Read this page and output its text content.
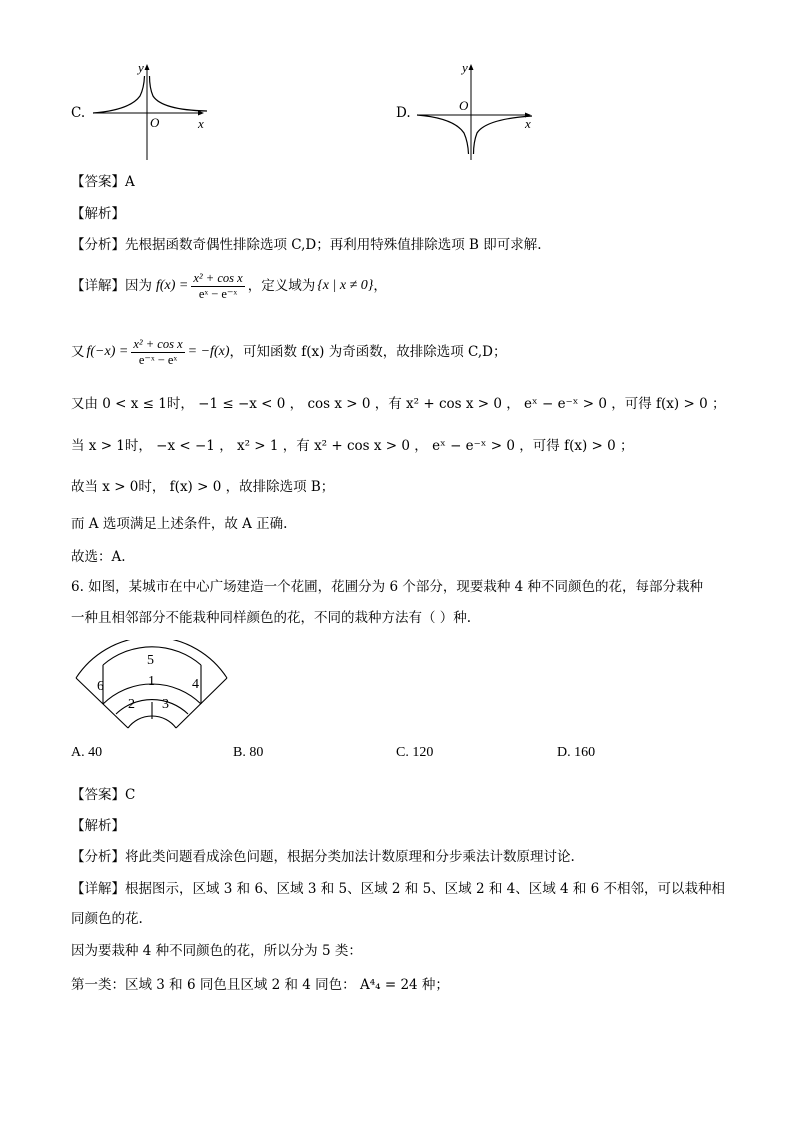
C.
x
y
O
D.
x
y
O
【答案】A
【解析】
【分析】先根据函数奇偶性排除选项 C,D；再利用特殊值排除选项 B 即可求解.
【详解】因为 $f(x) = \frac{\text{x² + cos x}}{\text{eˣ − e⁻ˣ}}$ ，定义域为 {x | x ≠ 0} ，
又 $f(-x) = \frac{\text{x² + cos x}}{\text{e⁻ˣ − eˣ}} = -f(x)$ ，可知函数 f(x) 为奇函数，故排除选项 C,D；
又由 0 < x ≤ 1时， −1 ≤ −x < 0 ， cos x > 0 ，有 x² + cos x > 0 ， eˣ − e⁻ˣ > 0 ，可得 f(x) > 0 ；
当 x > 1时， −x < −1 ， x² > 1 ，有 x² + cos x > 0 ， eˣ − e⁻ˣ > 0 ，可得 f(x) > 0 ；
故当 x > 0时， f(x) > 0 ，故排除选项 B；
而 A 选项满足上述条件，故 A 正确.
故选：A.
6. 如图，某城市在中心广场建造一个花圃，花圃分为 6 个部分，现要栽种 4 种不同颜色的花，每部分栽种
一种且相邻部分不能栽种同样颜色的花，不同的栽种方法有（ ）种.
5
1
2 3
4
6
A. 40	B. 80	C. 120	D. 160
【答案】C
【解析】
【分析】将此类问题看成涂色问题，根据分类加法计数原理和分步乘法计数原理讨论.
【详解】根据图示，区域 3 和 6、区域 3 和 5、区域 2 和 5、区域 2 和 4、区域 4 和 6 不相邻，可以栽种相
同颜色的花.
因为要栽种 4 种不同颜色的花，所以分为 5 类：
第一类：区域 3 和 6 同色且区域 2 和 4 同色： A⁴₄ = 24 种；
